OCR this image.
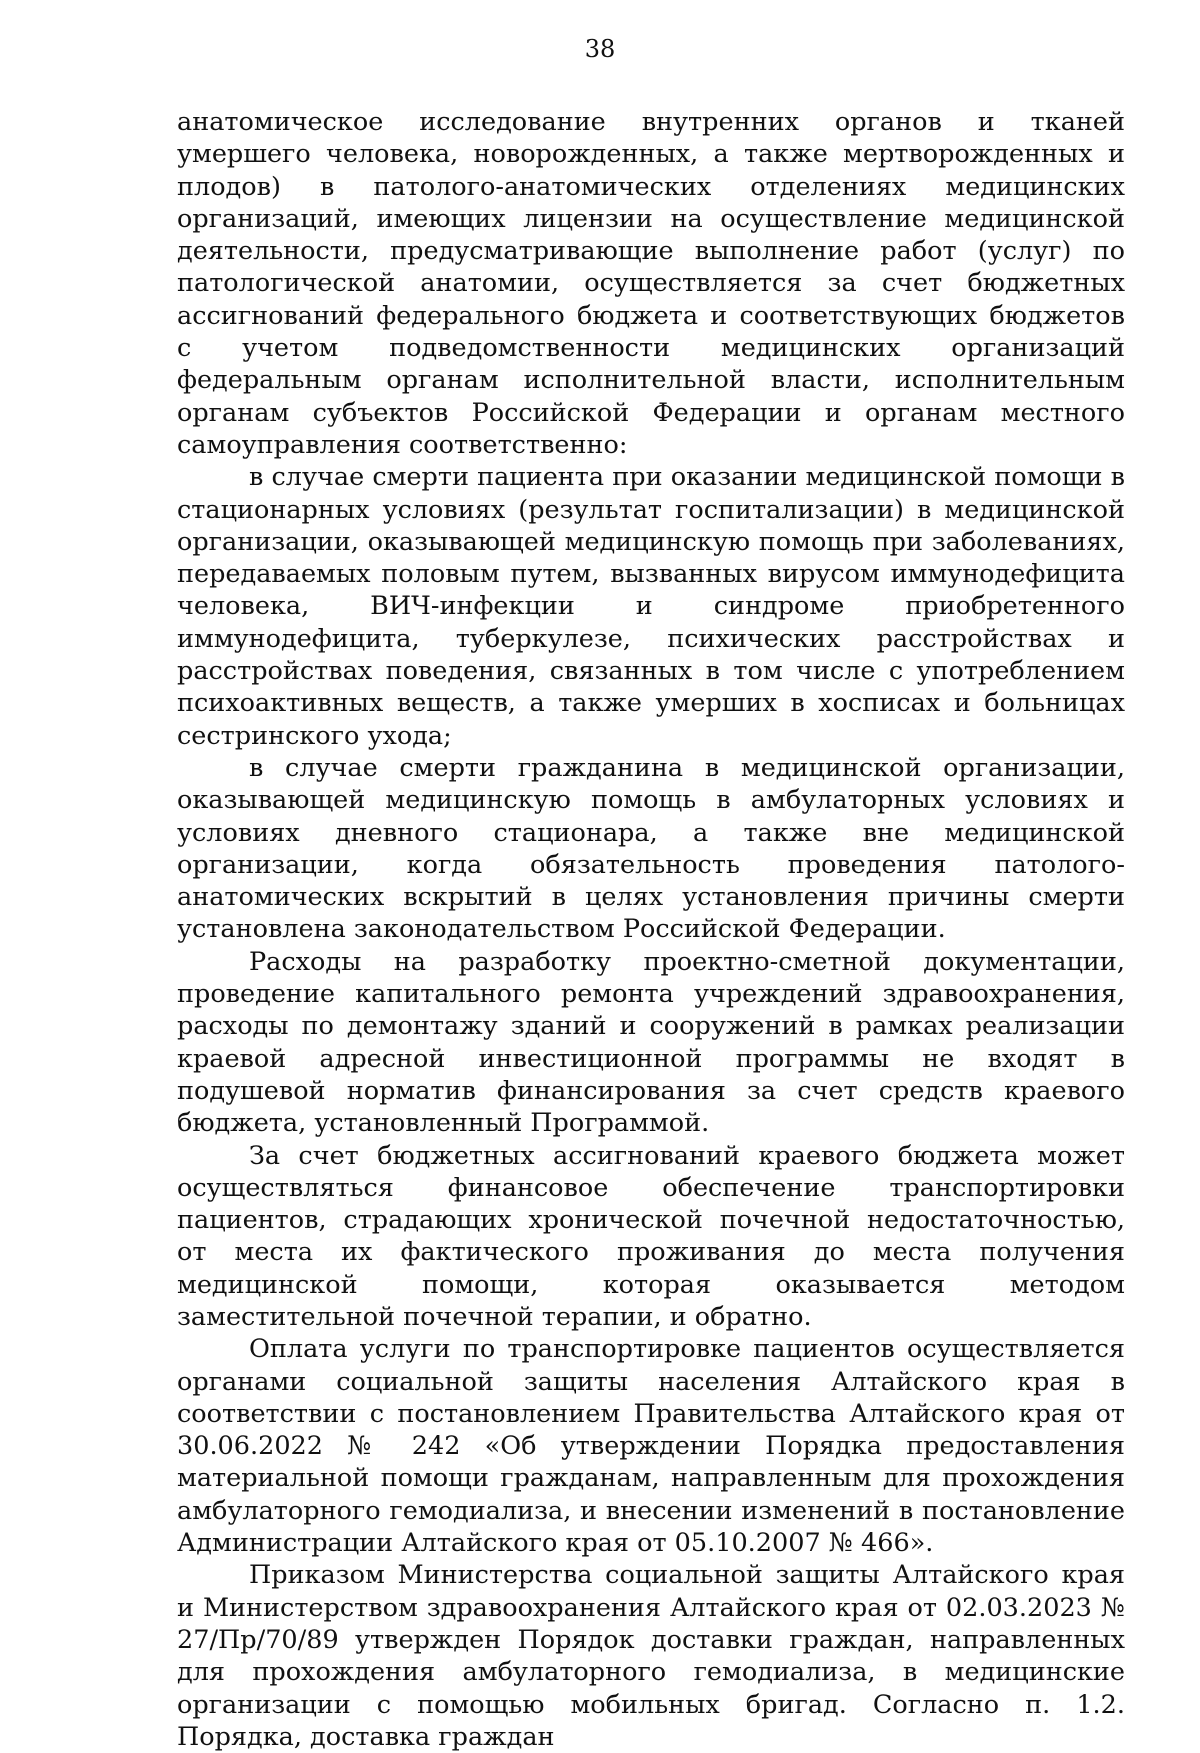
38

анатомическое исследование внутренних органов и тканей умершего человека, новорожденных, а также мертворожденных и плодов) в патолого-анатомических отделениях медицинских организаций, имеющих лицензии на осуществление медицинской деятельности, предусматривающие выполнение работ (услуг) по патологической анатомии, осуществляется за счет бюджетных ассигнований федерального бюджета и соответствующих бюджетов с учетом подведомственности медицинских организаций федеральным органам исполнительной власти, исполнительным органам субъектов Российской Федерации и органам местного самоуправления соответственно:

в случае смерти пациента при оказании медицинской помощи в стационарных условиях (результат госпитализации) в медицинской организации, оказывающей медицинскую помощь при заболеваниях, передаваемых половым путем, вызванных вирусом иммунодефицита человека, ВИЧ-инфекции и синдроме приобретенного иммунодефицита, туберкулезе, психических расстройствах и расстройствах поведения, связанных в том числе с употреблением психоактивных веществ, а также умерших в хосписах и больницах сестринского ухода;

в случае смерти гражданина в медицинской организации, оказывающей медицинскую помощь в амбулаторных условиях и условиях дневного стационара, а также вне медицинской организации, когда обязательность проведения патолого-анатомических вскрытий в целях установления причины смерти установлена законодательством Российской Федерации.

Расходы на разработку проектно-сметной документации, проведение капитального ремонта учреждений здравоохранения, расходы по демонтажу зданий и сооружений в рамках реализации краевой адресной инвестиционной программы не входят в подушевой норматив финансирования за счет средств краевого бюджета, установленный Программой.

За счет бюджетных ассигнований краевого бюджета может осуществляться финансовое обеспечение транспортировки пациентов, страдающих хронической почечной недостаточностью, от места их фактического проживания до места получения медицинской помощи, которая оказывается методом заместительной почечной терапии, и обратно.

Оплата услуги по транспортировке пациентов осуществляется органами социальной защиты населения Алтайского края в соответствии с постановлением Правительства Алтайского края от 30.06.2022 № 242 «Об утверждении Порядка предоставления материальной помощи гражданам, направленным для прохождения амбулаторного гемодиализа, и внесении изменений в постановление Администрации Алтайского края от 05.10.2007 № 466».

Приказом Министерства социальной защиты Алтайского края и Министерством здравоохранения Алтайского края от 02.03.2023 № 27/Пр/70/89 утвержден Порядок доставки граждан, направленных для прохождения амбулаторного гемодиализа, в медицинские организации с помощью мобильных бригад. Согласно п. 1.2. Порядка, доставка граждан
